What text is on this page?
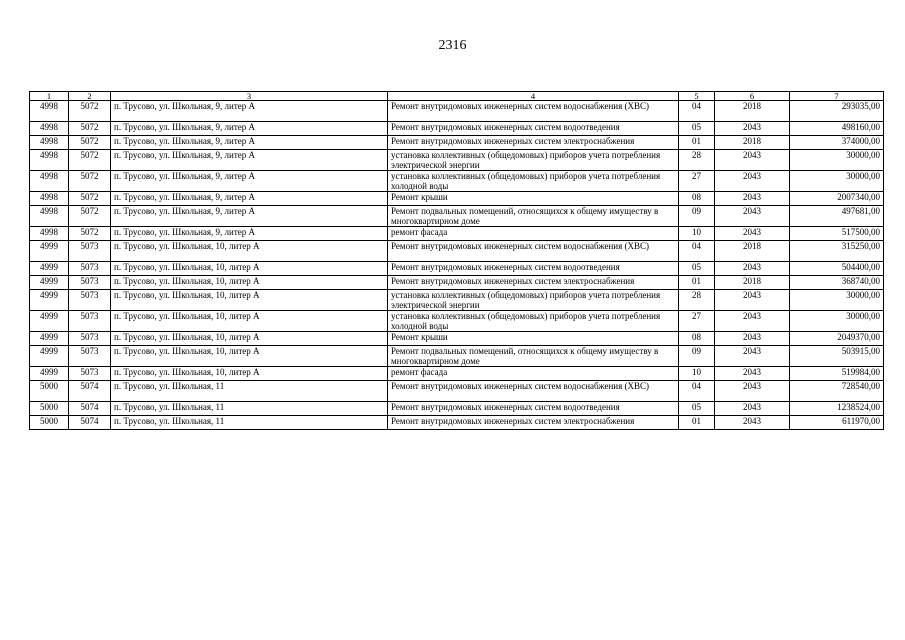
2316
1	2	3	4	5	6	7
4998	5072	п. Трусово, ул. Школьная, 9, литер А	Ремонт внутридомовых инженерных систем водоснабжения (ХВС)	04	2018	293035,00
4998	5072	п. Трусово, ул. Школьная, 9, литер А	Ремонт внутридомовых инженерных систем водоотведения	05	2043	498160,00
4998	5072	п. Трусово, ул. Школьная, 9, литер А	Ремонт внутридомовых инженерных систем электроснабжения	01	2018	374000,00
4998	5072	п. Трусово, ул. Школьная, 9, литер А	установка коллективных (общедомовых) приборов учета потребления электрической энергии	28	2043	30000,00
4998	5072	п. Трусово, ул. Школьная, 9, литер А	установка коллективных (общедомовых) приборов учета потребления холодной воды	27	2043	30000,00
4998	5072	п. Трусово, ул. Школьная, 9, литер А	Ремонт крыши	08	2043	2007340,00
4998	5072	п. Трусово, ул. Школьная, 9, литер А	Ремонт подвальных помещений, относящихся к общему имуществу в многоквартирном доме	09	2043	497681,00
4998	5072	п. Трусово, ул. Школьная, 9, литер А	ремонт фасада	10	2043	517500,00
4999	5073	п. Трусово, ул. Школьная, 10, литер А	Ремонт внутридомовых инженерных систем водоснабжения (ХВС)	04	2018	315250,00
4999	5073	п. Трусово, ул. Школьная, 10, литер А	Ремонт внутридомовых инженерных систем водоотведения	05	2043	504400,00
4999	5073	п. Трусово, ул. Школьная, 10, литер А	Ремонт внутридомовых инженерных систем электроснабжения	01	2018	368740,00
4999	5073	п. Трусово, ул. Школьная, 10, литер А	установка коллективных (общедомовых) приборов учета потребления электрической энергии	28	2043	30000,00
4999	5073	п. Трусово, ул. Школьная, 10, литер А	установка коллективных (общедомовых) приборов учета потребления холодной воды	27	2043	30000,00
4999	5073	п. Трусово, ул. Школьная, 10, литер А	Ремонт крыши	08	2043	2049370,00
4999	5073	п. Трусово, ул. Школьная, 10, литер А	Ремонт подвальных помещений, относящихся к общему имуществу в многоквартирном доме	09	2043	503915,00
4999	5073	п. Трусово, ул. Школьная, 10, литер А	ремонт фасада	10	2043	519984,00
5000	5074	п. Трусово, ул. Школьная, 11	Ремонт внутридомовых инженерных систем водоснабжения (ХВС)	04	2043	728540,00
5000	5074	п. Трусово, ул. Школьная, 11	Ремонт внутридомовых инженерных систем водоотведения	05	2043	1238524,00
5000	5074	п. Трусово, ул. Школьная, 11	Ремонт внутридомовых инженерных систем электроснабжения	01	2043	611970,00
